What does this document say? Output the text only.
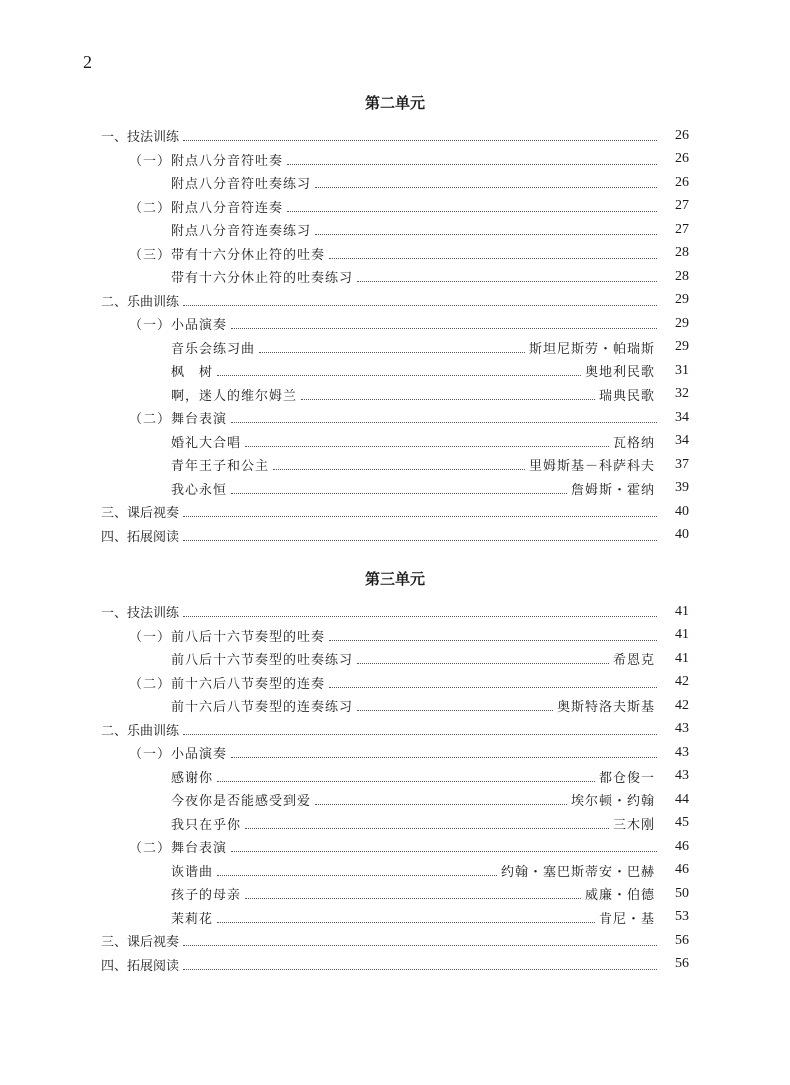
2
第二单元
一、技法训练	26
（一）附点八分音符吐奏	26
附点八分音符吐奏练习	26
（二）附点八分音符连奏	27
附点八分音符连奏练习	27
（三）带有十六分休止符的吐奏	28
带有十六分休止符的吐奏练习	28
二、乐曲训练	29
（一）小品演奏	29
音乐会练习曲	斯坦尼斯劳・帕瑞斯	29
枫　树	奥地利民歌	31
啊，迷人的维尔姆兰	瑞典民歌	32
（二）舞台表演	34
婚礼大合唱	瓦格纳	34
青年王子和公主	里姆斯基－科萨科夫	37
我心永恒	詹姆斯・霍纳	39
三、课后视奏	40
四、拓展阅读	40
第三单元
一、技法训练	41
（一）前八后十六节奏型的吐奏	41
前八后十六节奏型的吐奏练习	希恩克	41
（二）前十六后八节奏型的连奏	42
前十六后八节奏型的连奏练习	奥斯特洛夫斯基	42
二、乐曲训练	43
（一）小品演奏	43
感谢你	都仓俊一	43
今夜你是否能感受到爱	埃尔顿・约翰	44
我只在乎你	三木刚	45
（二）舞台表演	46
诙谐曲	约翰・塞巴斯蒂安・巴赫	46
孩子的母亲	威廉・伯德	50
茉莉花	肯尼・基	53
三、课后视奏	56
四、拓展阅读	56
